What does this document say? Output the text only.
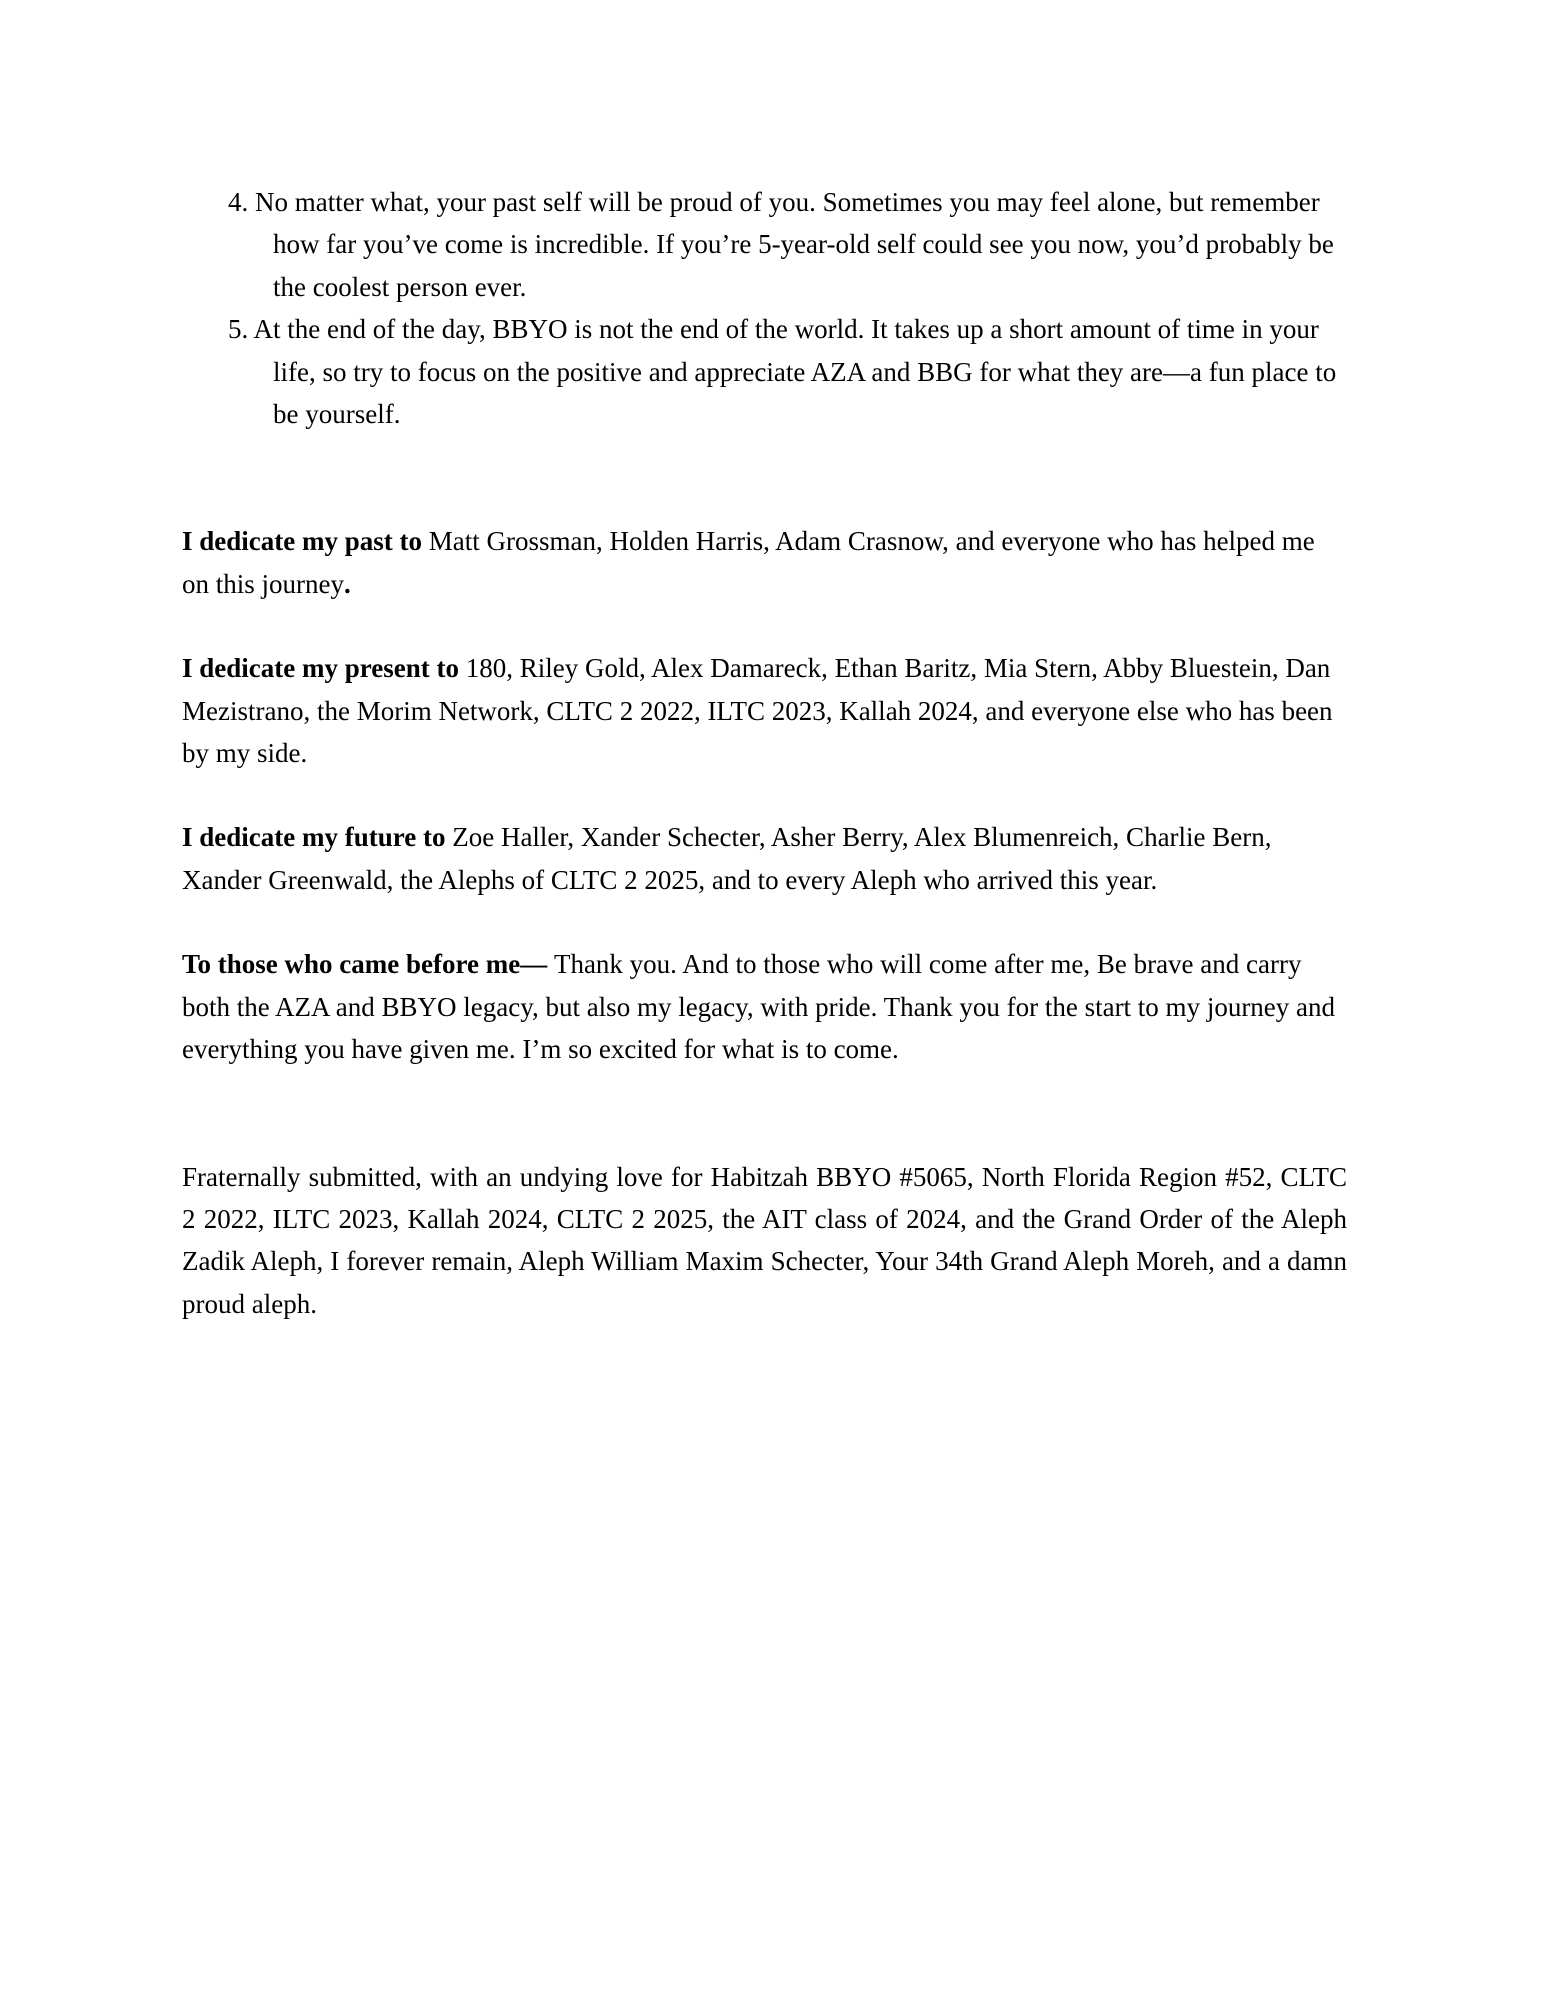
4. No matter what, your past self will be proud of you. Sometimes you may feel alone, but remember how far you’ve come is incredible. If you’re 5-year-old self could see you now, you’d probably be the coolest person ever.
5. At the end of the day, BBYO is not the end of the world. It takes up a short amount of time in your life, so try to focus on the positive and appreciate AZA and BBG for what they are—a fun place to be yourself.

I dedicate my past to Matt Grossman, Holden Harris, Adam Crasnow, and everyone who has helped me on this journey.

I dedicate my present to 180, Riley Gold, Alex Damareck, Ethan Baritz, Mia Stern, Abby Bluestein, Dan Mezistrano, the Morim Network, CLTC 2 2022, ILTC 2023, Kallah 2024, and everyone else who has been by my side.

I dedicate my future to Zoe Haller, Xander Schecter, Asher Berry, Alex Blumenreich, Charlie Bern, Xander Greenwald, the Alephs of CLTC 2 2025, and to every Aleph who arrived this year.

To those who came before me— Thank you. And to those who will come after me, Be brave and carry both the AZA and BBYO legacy, but also my legacy, with pride. Thank you for the start to my journey and everything you have given me. I’m so excited for what is to come.

Fraternally submitted, with an undying love for Habitzah BBYO #5065, North Florida Region #52, CLTC 2 2022, ILTC 2023, Kallah 2024, CLTC 2 2025, the AIT class of 2024, and the Grand Order of the Aleph Zadik Aleph, I forever remain, Aleph William Maxim Schecter, Your 34th Grand Aleph Moreh, and a damn proud aleph.
